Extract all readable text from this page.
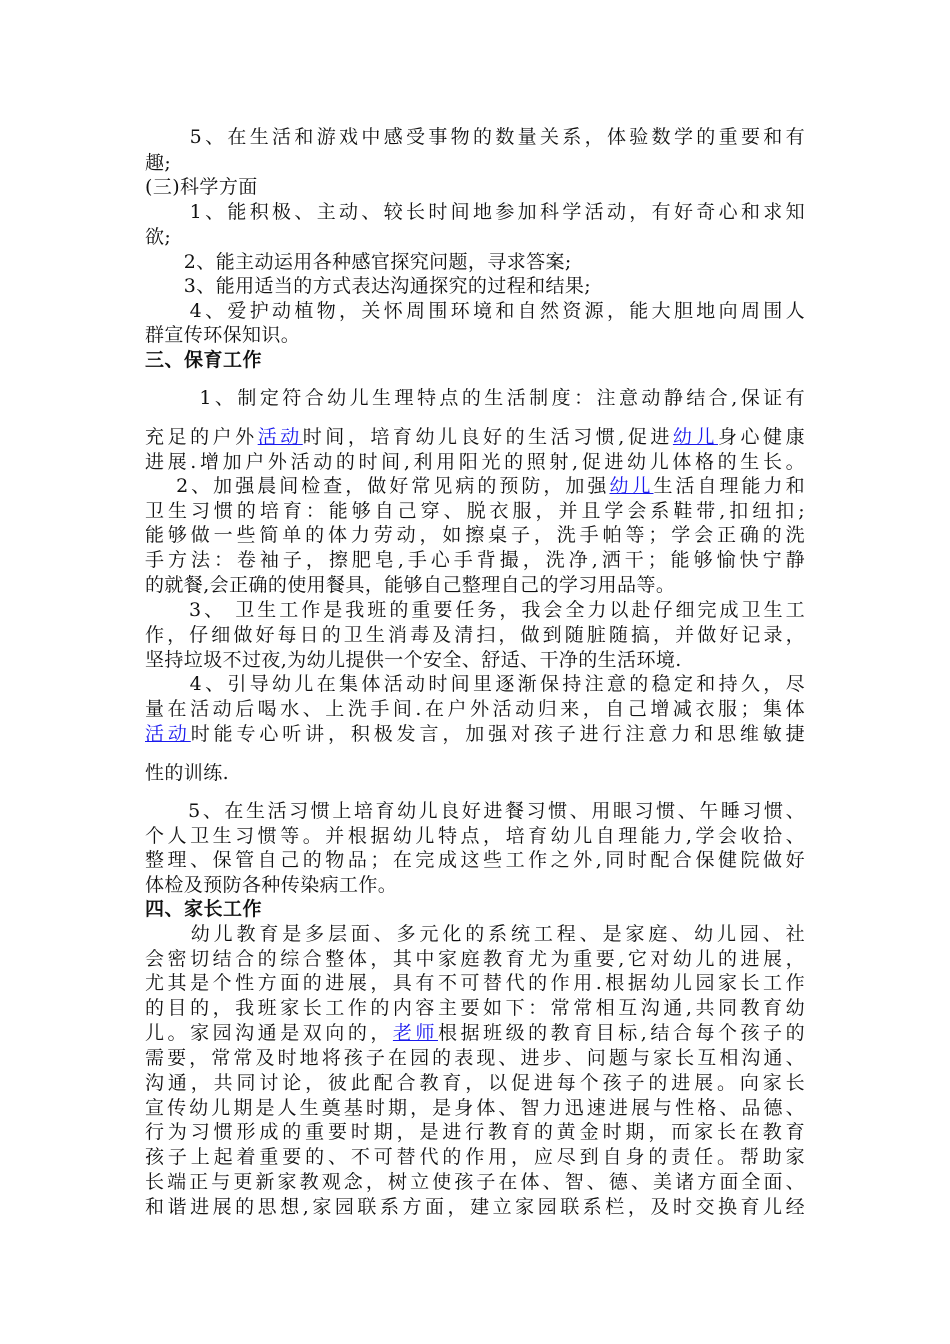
　　5、在生活和游戏中感受事物的数量关系，体验数学的重要和有
趣;
(三)科学方面
　　1、能积极、主动、较长时间地参加科学活动，有好奇心和求知
欲;
　　2、能主动运用各种感官探究问题，寻求答案;
　　3、能用适当的方式表达沟通探究的过程和结果;
　　4、爱护动植物，关怀周围环境和自然资源，能大胆地向周围人
群宣传环保知识。
三、保育工作
　　 1、制定符合幼儿生理特点的生活制度：注意动静结合,保证有
充足的户外活动时间，培育幼儿良好的生活习惯,促进幼儿身心健康
进展.增加户外活动的时间,利用阳光的照射,促进幼儿体格的生长。
　 2、加强晨间检查，做好常见病的预防，加强幼儿生活自理能力和
卫生习惯的培育：能够自己穿、脱衣服，并且学会系鞋带,扣纽扣;
能够做一些简单的体力劳动，如擦桌子，洗手帕等；学会正确的洗
手方法：卷袖子，擦肥皂,手心手背撮，洗净,洒干；能够愉快宁静
的就餐,会正确的使用餐具，能够自己整理自己的学习用品等。
　　3、 卫生工作是我班的重要任务，我会全力以赴仔细完成卫生工
作，仔细做好每日的卫生消毒及清扫，做到随脏随搞，并做好记录，
坚持垃圾不过夜,为幼儿提供一个安全、舒适、干净的生活环境.
　　4、引导幼儿在集体活动时间里逐渐保持注意的稳定和持久，尽
量在活动后喝水、上洗手间.在户外活动归来，自己增减衣服；集体
活动时能专心听讲，积极发言，加强对孩子进行注意力和思维敏捷
性的训练.
　　5、在生活习惯上培育幼儿良好进餐习惯、用眼习惯、午睡习惯、
个人卫生习惯等。并根据幼儿特点，培育幼儿自理能力,学会收拾、
整理、保管自己的物品；在完成这些工作之外,同时配合保健院做好
体检及预防各种传染病工作。
四、家长工作
　　幼儿教育是多层面、多元化的系统工程、是家庭、幼儿园、社
会密切结合的综合整体，其中家庭教育尤为重要,它对幼儿的进展，
尤其是个性方面的进展，具有不可替代的作用.根据幼儿园家长工作
的目的，我班家长工作的内容主要如下：常常相互沟通,共同教育幼
儿。家园沟通是双向的，老师根据班级的教育目标,结合每个孩子的
需要，常常及时地将孩子在园的表现、进步、问题与家长互相沟通、
沟通，共同讨论，彼此配合教育，以促进每个孩子的进展。向家长
宣传幼儿期是人生奠基时期，是身体、智力迅速进展与性格、品德、
行为习惯形成的重要时期，是进行教育的黄金时期，而家长在教育
孩子上起着重要的、不可替代的作用，应尽到自身的责任。帮助家
长端正与更新家教观念，树立使孩子在体、智、德、美诸方面全面、
和谐进展的思想,家园联系方面，建立家园联系栏，及时交换育儿经
